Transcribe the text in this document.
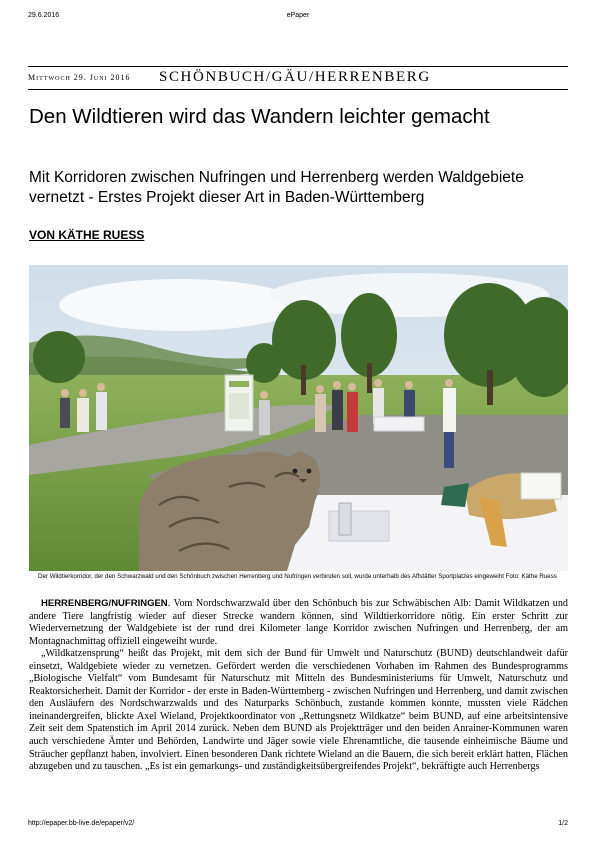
29.6.2016	ePaper
Mittwoch 29. Juni 2016 SCHÖNBUCH/GÄU/HERRENBERG
Den Wildtieren wird das Wandern leichter gemacht
Mit Korridoren zwischen Nufringen und Herrenberg werden Waldgebiete vernetzt - Erstes Projekt dieser Art in Baden-Württemberg
VON KÄTHE RUESS
Der Wildtierkorridor, der den Schwarzwald und den Schönbuch zwischen Herrenberg und Nufringen verbinden soll, wurde unterhalb des Affstätter Sportplatzes eingeweiht Foto: Käthe Ruess

HERRENBERG/NUFRINGEN. Vom Nordschwarzwald über den Schönbuch bis zur Schwäbischen Alb: Damit Wildkatzen und andere Tiere langfristig wieder auf dieser Strecke wandern können, sind Wildtierkorridore nötig. Ein erster Schritt zur Wiedervernetzung der Waldgebiete ist der rund drei Kilometer lange Korridor zwischen Nufringen und Herrenberg, der am Montagnachmittag offiziell eingeweiht wurde.

„Wildkatzensprung“ heißt das Projekt, mit dem sich der Bund für Umwelt und Naturschutz (BUND) deutschlandweit dafür einsetzt, Waldgebiete wieder zu vernetzen. Gefördert werden die verschiedenen Vorhaben im Rahmen des Bundesprogramms „Biologische Vielfalt“ vom Bundesamt für Naturschutz mit Mitteln des Bundesministeriums für Umwelt, Naturschutz und Reaktorsicherheit. Damit der Korridor - der erste in Baden-Württemberg - zwischen Nufringen und Herrenberg, und damit zwischen den Ausläufern des Nordschwarzwalds und des Naturparks Schönbuch, zustande kommen konnte, mussten viele Rädchen ineinandergreifen, blickte Axel Wieland, Projektkoordinator von „Rettungsnetz Wildkatze“ beim BUND, auf eine arbeitsintensive Zeit seit dem Spatenstich im April 2014 zurück. Neben dem BUND als Projektträger und den beiden Anrainer-Kommunen waren auch verschiedene Ämter und Behörden, Landwirte und Jäger sowie viele Ehrenamtliche, die tausende einheimische Bäume und Sträucher gepflanzt haben, involviert. Einen besonderen Dank richtete Wieland an die Bauern, die sich bereit erklärt hatten, Flächen abzugeben und zu tauschen. „Es ist ein gemarkungs- und zuständigkeitsübergreifendes Projekt“, bekräftigte auch Herrenbergs

http://epaper.bb-live.de/epaper/v2/	1/2
